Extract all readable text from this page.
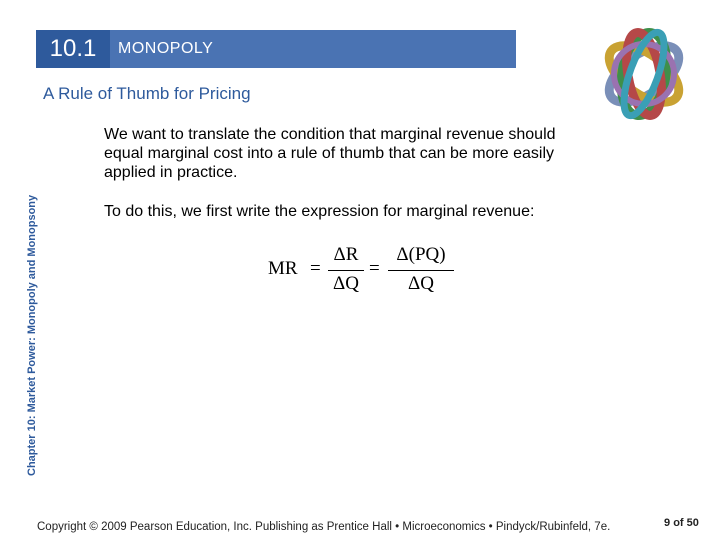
10.1	MONOPOLY
A Rule of Thumb for Pricing
Chapter 10: Market Power: Monopoly and Monopsony
We want to translate the condition that marginal revenue should
equal marginal cost into a rule of thumb that can be more easily
applied in practice.
To do this, we first write the expression for marginal revenue:
MR =
ΔR
ΔQ
=
Δ(PQ)
ΔQ
Copyright © 2009 Pearson Education, Inc. Publishing as Prentice Hall • Microeconomics • Pindyck/Rubinfeld, 7e.	9 of 50
